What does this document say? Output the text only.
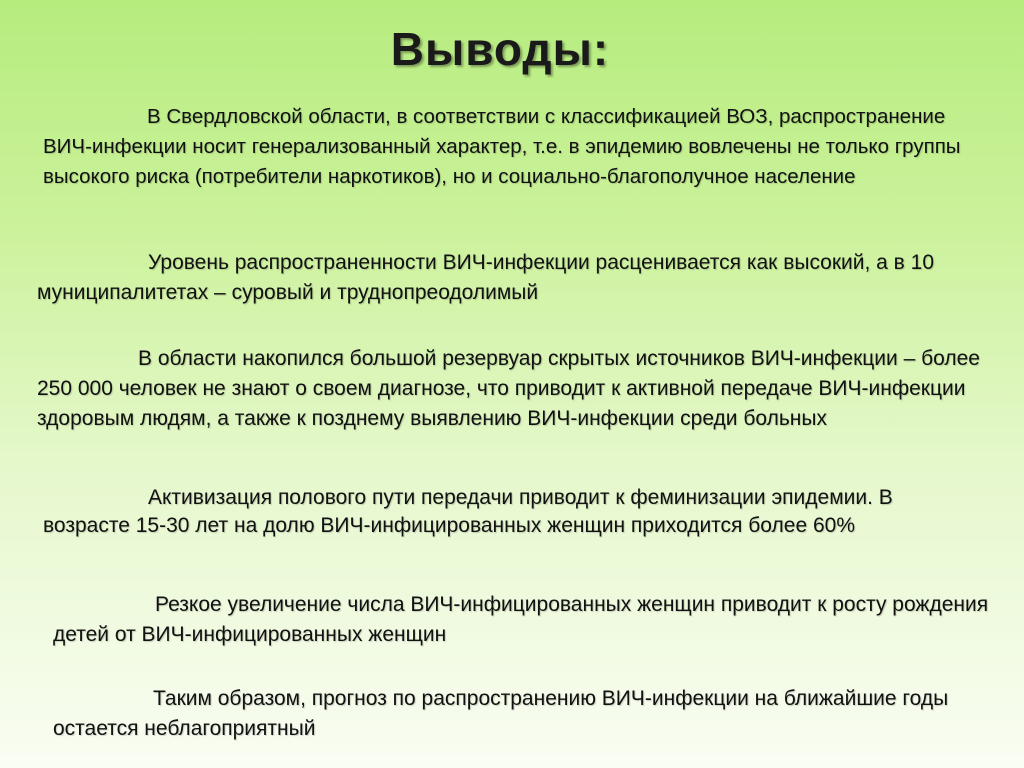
Выводы:

В Свердловской области, в соответствии с классификацией ВОЗ, распространение ВИЧ-инфекции носит генерализованный характер, т.е. в эпидемию вовлечены не только группы высокого риска (потребители наркотиков), но и социально-благополучное население

Уровень распространенности ВИЧ-инфекции расценивается как высокий, а в 10 муниципалитетах – суровый и труднопреодолимый

В области накопился большой резервуар скрытых источников ВИЧ-инфекции – более 250 000 человек не знают о своем диагнозе, что приводит к активной передаче ВИЧ-инфекции здоровым людям, а также к позднему выявлению ВИЧ-инфекции среди больных

Активизация полового пути передачи приводит к феминизации эпидемии. В возрасте 15-30 лет на долю ВИЧ-инфицированных женщин приходится более 60%

Резкое увеличение числа ВИЧ-инфицированных женщин приводит к росту рождения детей от ВИЧ-инфицированных женщин

Таким образом, прогноз по распространению ВИЧ-инфекции на ближайшие годы остается неблагоприятный
